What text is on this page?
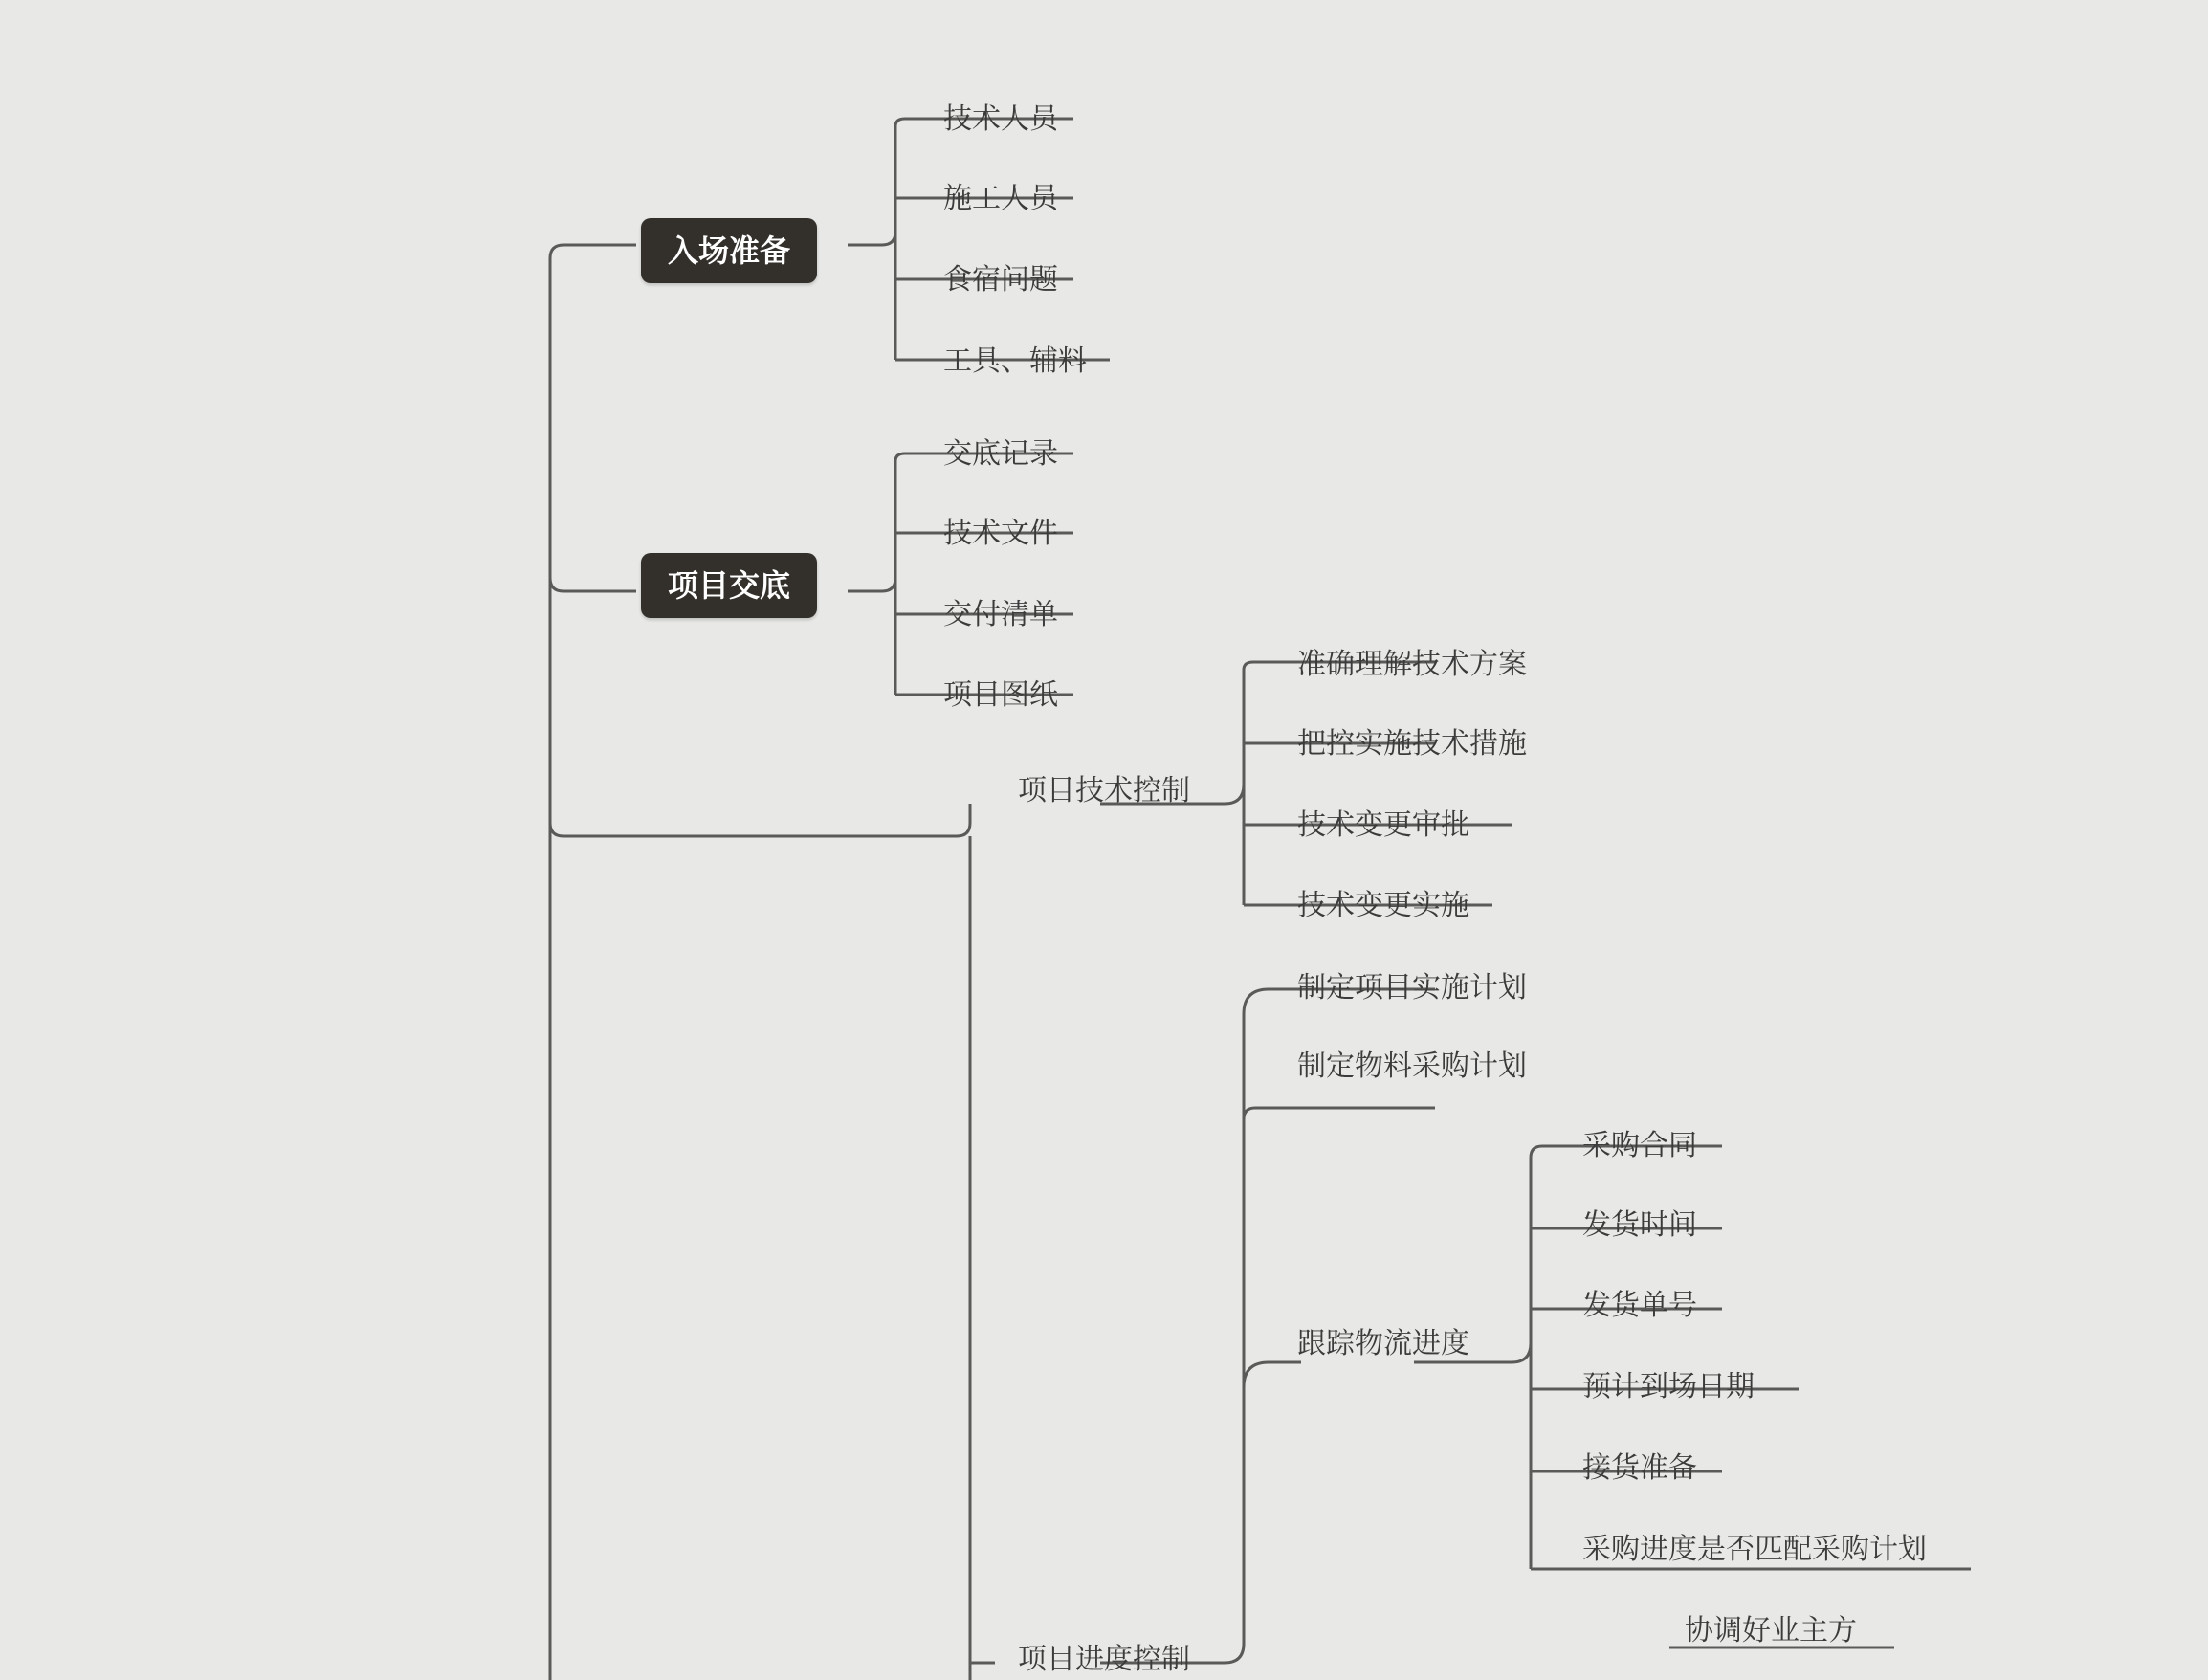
入场准备
技术人员
施工人员
食宿问题
工具、辅料
项目交底
交底记录
技术文件
交付清单
项目图纸
项目技术控制
准确理解技术方案
把控实施技术措施
技术变更审批
技术变更实施
制定项目实施计划
制定物料采购计划
跟踪物流进度
采购合同
发货时间
发货单号
预计到场日期
接货准备
采购进度是否匹配采购计划
项目进度控制
协调好业主方
